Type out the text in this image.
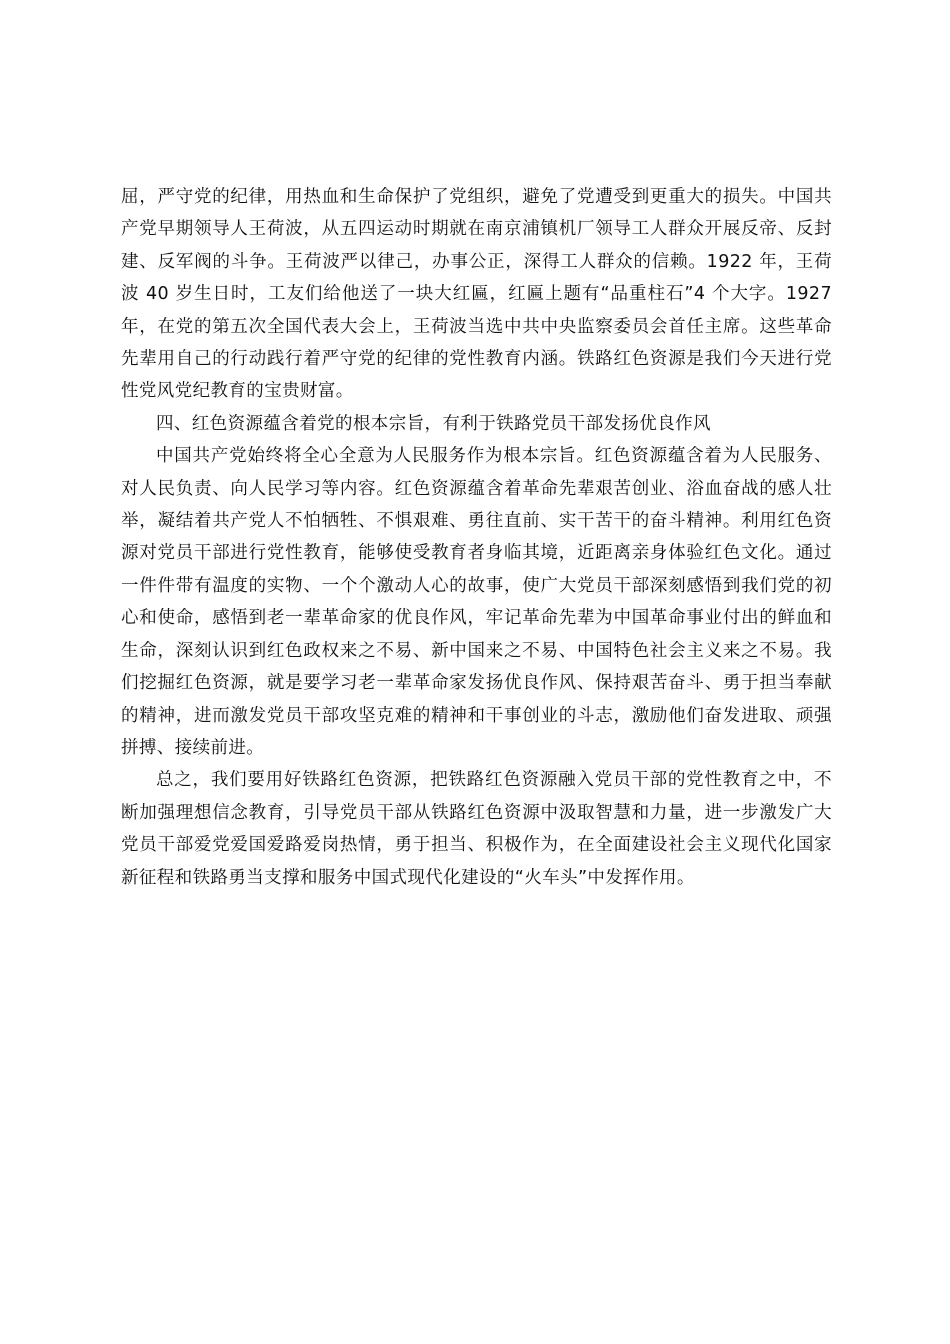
屈，严守党的纪律，用热血和生命保护了党组织，避免了党遭受到更重大的损失。中国共产党早期领导人王荷波，从五四运动时期就在南京浦镇机厂领导工人群众开展反帝、反封建、反军阀的斗争。王荷波严以律己，办事公正，深得工人群众的信赖。1922 年，王荷波 40 岁生日时，工友们给他送了一块大红匾，红匾上题有“品重柱石”4 个大字。1927 年，在党的第五次全国代表大会上，王荷波当选中共中央监察委员会首任主席。这些革命先辈用自己的行动践行着严守党的纪律的党性教育内涵。铁路红色资源是我们今天进行党性党风党纪教育的宝贵财富。

四、红色资源蕴含着党的根本宗旨，有利于铁路党员干部发扬优良作风

中国共产党始终将全心全意为人民服务作为根本宗旨。红色资源蕴含着为人民服务、对人民负责、向人民学习等内容。红色资源蕴含着革命先辈艰苦创业、浴血奋战的感人壮举，凝结着共产党人不怕牺牲、不惧艰难、勇往直前、实干苦干的奋斗精神。利用红色资源对党员干部进行党性教育，能够使受教育者身临其境，近距离亲身体验红色文化。通过一件件带有温度的实物、一个个激动人心的故事，使广大党员干部深刻感悟到我们党的初心和使命，感悟到老一辈革命家的优良作风，牢记革命先辈为中国革命事业付出的鲜血和生命，深刻认识到红色政权来之不易、新中国来之不易、中国特色社会主义来之不易。我们挖掘红色资源，就是要学习老一辈革命家发扬优良作风、保持艰苦奋斗、勇于担当奉献的精神，进而激发党员干部攻坚克难的精神和干事创业的斗志，激励他们奋发进取、顽强拼搏、接续前进。

总之，我们要用好铁路红色资源，把铁路红色资源融入党员干部的党性教育之中，不断加强理想信念教育，引导党员干部从铁路红色资源中汲取智慧和力量，进一步激发广大党员干部爱党爱国爱路爱岗热情，勇于担当、积极作为，在全面建设社会主义现代化国家新征程和铁路勇当支撑和服务中国式现代化建设的“火车头”中发挥作用。
